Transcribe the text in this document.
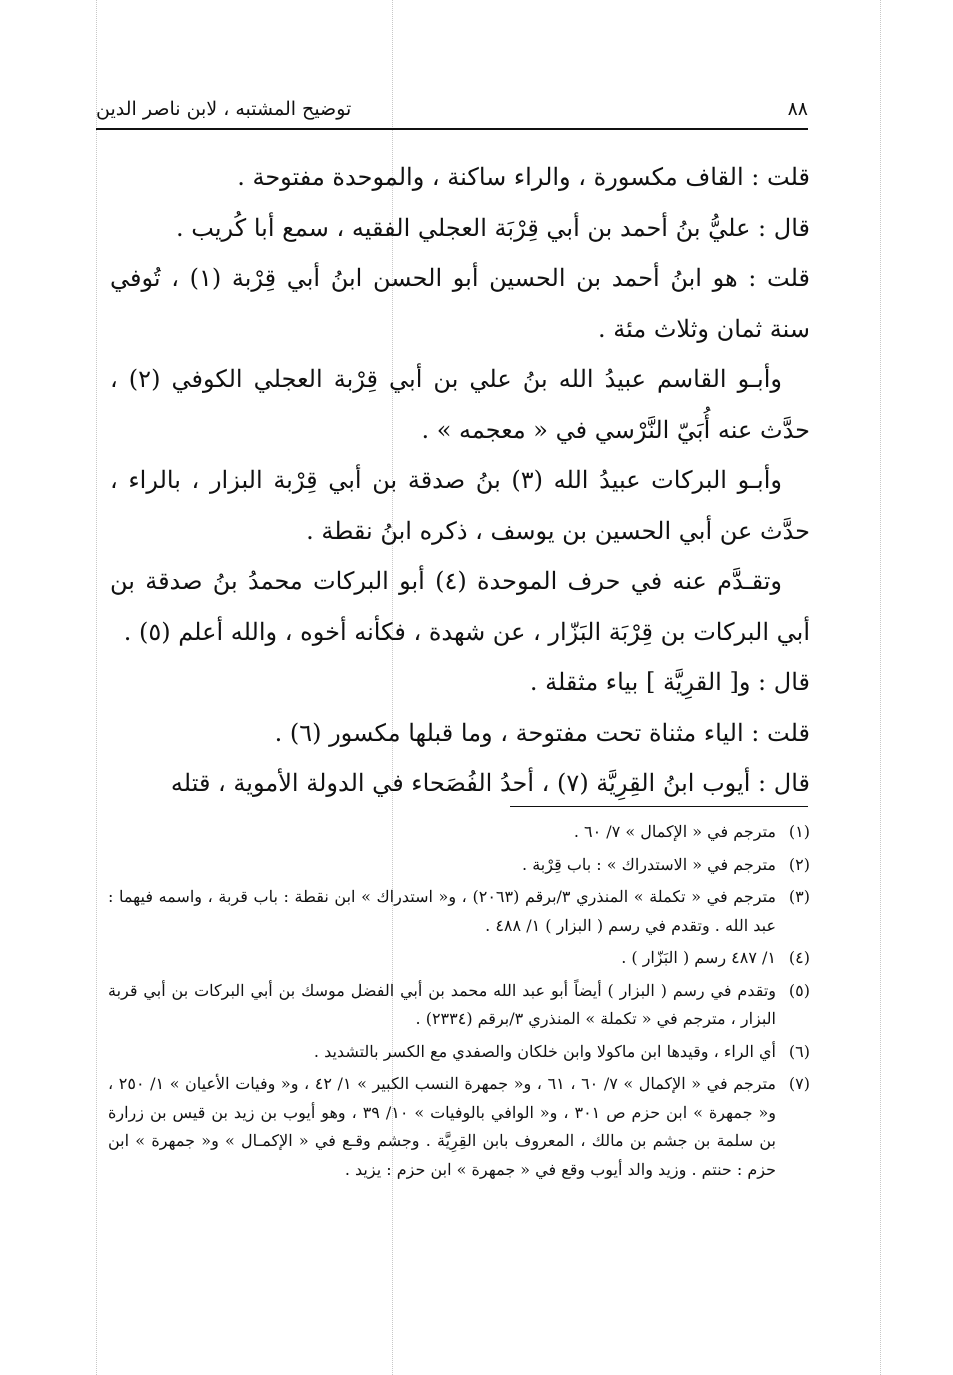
٨٨
توضيح المشتبه ، لابن ناصر الدين

قلت : القاف مكسورة ، والراء ساكنة ، والموحدة مفتوحة .

قال : عليُّ بنُ أحمد بن أبي قِرْبَة العجلي الفقيه ، سمع أبا كُريب .

قلت : هو ابنُ أحمد بن الحسين أبو الحسن ابنُ أبي قِرْبة (١) ، تُوفي سنة ثمان وثلاث مئة .

وأبـو القاسم عبيدُ الله بنُ علي بن أبي قِرْبة العجلي الكوفي (٢) ، حدَّث عنه أُبَيّ النَّرْسي في « معجمه » .

وأبـو البركات عبيدُ الله (٣) بنُ صدقة بن أبي قِرْبة البزار ، بالراء ، حدَّث عن أبي الحسين بن يوسف ، ذكره ابنُ نقطة .

وتقـدَّم عنه في حرف الموحدة (٤) أبو البركات محمدُ بنُ صدقة بن أبي البركات بن قِرْبَة البَزّار ، عن شهدة ، فكأنه أخوه ، والله أعلم (٥) .

قال : و[ القرِيَّة ] بياء مثقلة .

قلت : الياء مثناة تحت مفتوحة ، وما قبلها مكسور (٦) .

قال : أيوب ابنُ القِرِيَّة (٧) ، أحدُ الفُصَحاء في الدولة الأموية ، قتله

(١)
مترجم في « الإكمال » ٧/ ٦٠ .
(٢)
مترجم في « الاستدراك » : باب قِرْبة .
(٣)
مترجم في « تكملة » المنذري ٣/برقم (٢٠٦٣) ، و« استدراك » ابن نقطة : باب قربة ، واسمه فيهما : عبد الله . وتقدم في رسم ( البزار ) ١/ ٤٨٨ .
(٤)
١/ ٤٨٧ رسم ( البَزّار ) .
(٥)
وتقدم في رسم ( البزار ) أيضاً أبو عبد الله محمد بن أبي الفضل موسك بن أبي البركات بن أبي قربة البزار ، مترجم في « تكملة » المنذري ٣/برقم (٢٣٣٤) .
(٦)
أي الراء ، وقيدها ابن ماكولا وابن خلكان والصفدي مع الكسر بالتشديد .
(٧)
مترجم في « الإكمال » ٧/ ٦٠ ، ٦١ ، و« جمهرة النسب الكبير » ١/ ٤٢ ، و« وفيات الأعيان » ١/ ٢٥٠ ، و« جمهرة » ابن حزم ص ٣٠١ ، و« الوافي بالوفيات » ١٠/ ٣٩ ، وهو أيوب بن زيد بن قيس بن زرارة بن سلمة بن جشم بن مالك ، المعروف بابن القِرِيَّة . وجشم وقـع في « الإكمـال » و« جمهرة » ابن حزم : حنتم . وزيد والد أيوب وقع في « جمهرة » ابن حزم : يزيد .
